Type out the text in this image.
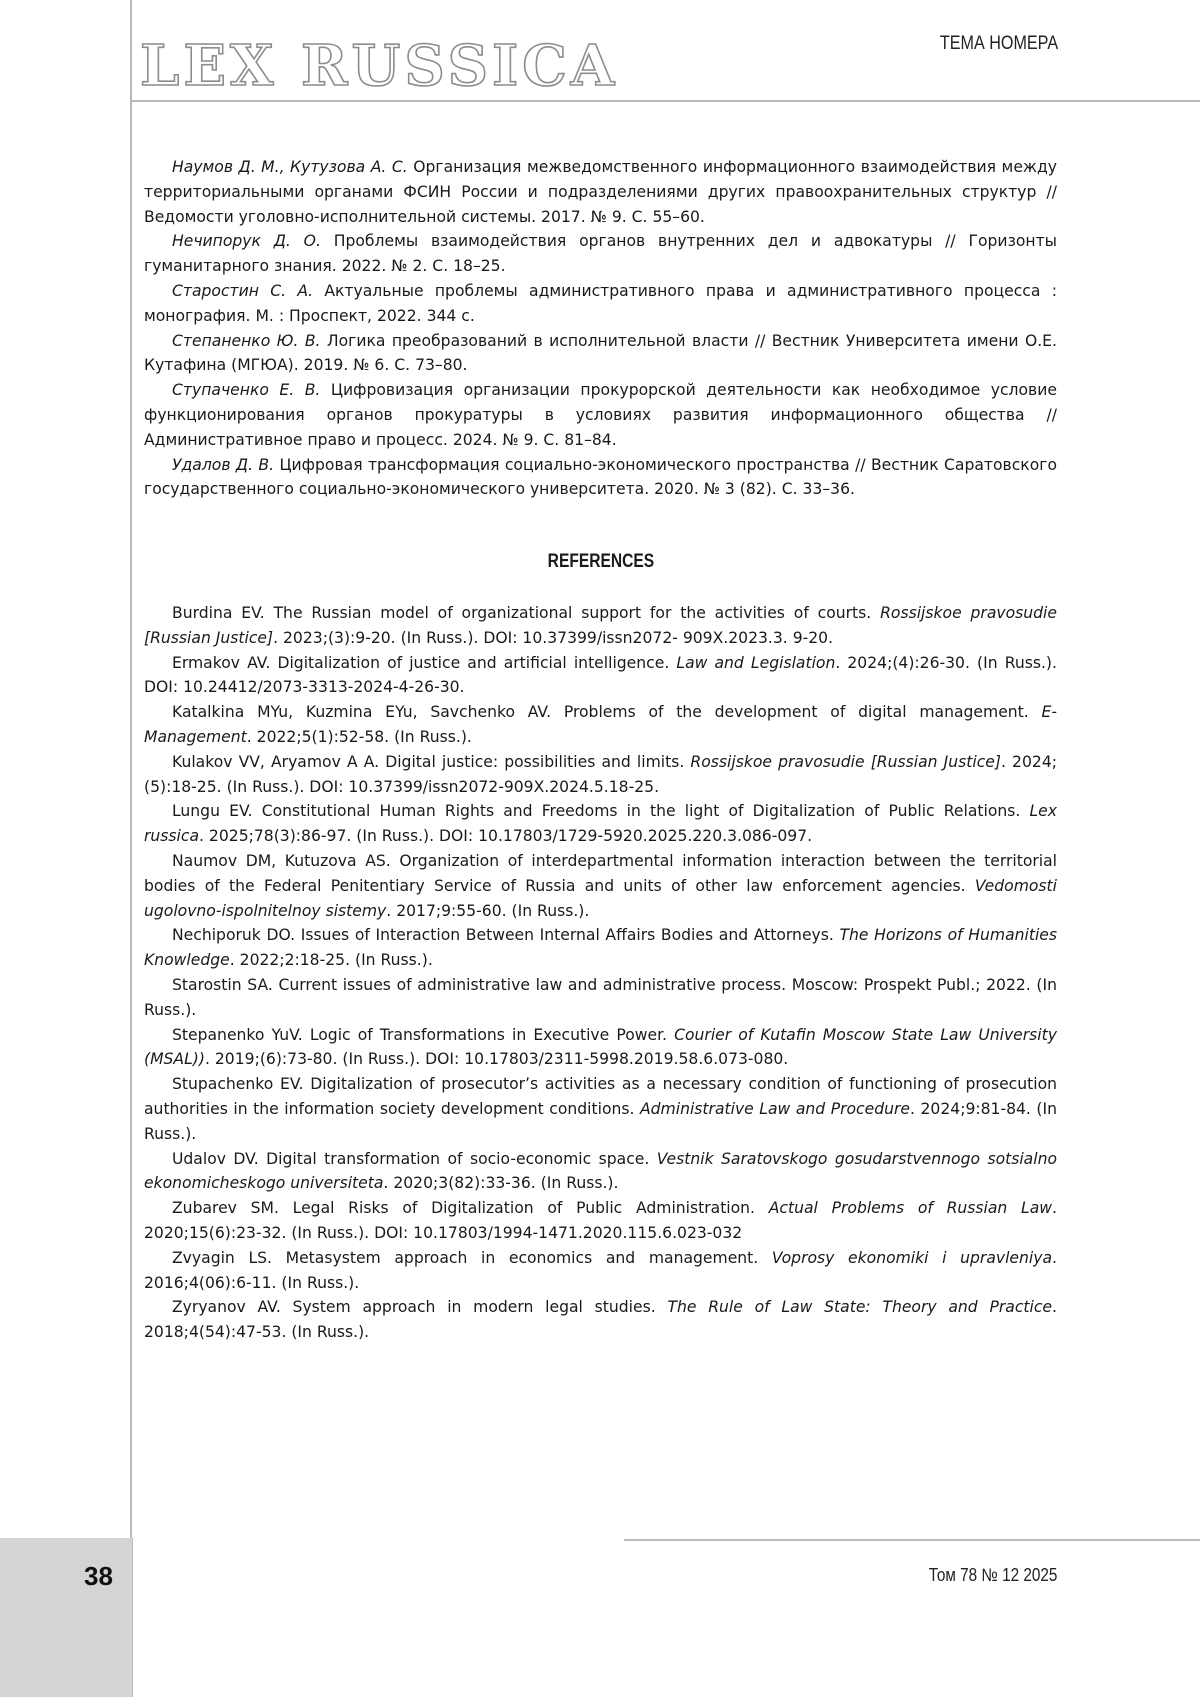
LEX RUSSICA	ТЕМА НОМЕРА

Наумов Д. М., Кутузова А. С. Организация межведомственного информационного взаимодействия между территориальными органами ФСИН России и подразделениями других правоохранительных структур // Ведомости уголовно-исполнительной системы. 2017. № 9. С. 55–60.

Нечипорук Д. О. Проблемы взаимодействия органов внутренних дел и адвокатуры // Горизонты гуманитарного знания. 2022. № 2. С. 18–25.

Старостин С. А. Актуальные проблемы административного права и административного процесса : монография. М. : Проспект, 2022. 344 с.

Степаненко Ю. В. Логика преобразований в исполнительной власти // Вестник Университета имени О.Е. Кутафина (МГЮА). 2019. № 6. С. 73–80.

Ступаченко Е. В. Цифровизация организации прокурорской деятельности как необходимое условие функционирования органов прокуратуры в условиях развития информационного общества // Административное право и процесс. 2024. № 9. С. 81–84.

Удалов Д. В. Цифровая трансформация социально-экономического пространства // Вестник Саратовского государственного социально-экономического университета. 2020. № 3 (82). С. 33–36.

REFERENCES

Burdina EV. The Russian model of organizational support for the activities of courts. Rossijskoe pravosudie [Russian Justice]. 2023;(3):9-20. (In Russ.). DOI: 10.37399/issn2072- 909X.2023.3. 9-20.

Ermakov AV. Digitalization of justice and artificial intelligence. Law and Legislation. 2024;(4):26-30. (In Russ.). DOI: 10.24412/2073-3313-2024-4-26-30.

Katalkina MYu, Kuzmina EYu, Savchenko AV. Problems of the development of digital management. E-Management. 2022;5(1):52-58. (In Russ.).

Kulakov VV, Aryamov A A. Digital justice: possibilities and limits. Rossijskoe pravosudie [Russian Justice]. 2024;(5):18-25. (In Russ.). DOI: 10.37399/issn2072-909X.2024.5.18-25.

Lungu EV. Constitutional Human Rights and Freedoms in the light of Digitalization of Public Relations. Lex russica. 2025;78(3):86-97. (In Russ.). DOI: 10.17803/1729-5920.2025.220.3.086-097.

Naumov DM, Kutuzova AS. Organization of interdepartmental information interaction between the territorial bodies of the Federal Penitentiary Service of Russia and units of other law enforcement agencies. Vedomosti ugolovno-ispolnitelnoy sistemy. 2017;9:55-60. (In Russ.).

Nechiporuk DO. Issues of Interaction Between Internal Affairs Bodies and Attorneys. The Horizons of Humanities Knowledge. 2022;2:18-25. (In Russ.).

Starostin SA. Current issues of administrative law and administrative process. Moscow: Prospekt Publ.; 2022. (In Russ.).

Stepanenko YuV. Logic of Transformations in Executive Power. Courier of Kutafin Moscow State Law University (MSAL)). 2019;(6):73-80. (In Russ.). DOI: 10.17803/2311-5998.2019.58.6.073-080.

Stupachenko EV. Digitalization of prosecutor’s activities as a necessary condition of functioning of prosecution authorities in the information society development conditions. Administrative Law and Procedure. 2024;9:81-84. (In Russ.).

Udalov DV. Digital transformation of socio-economic space. Vestnik Saratovskogo gosudarstvennogo sotsialno ekonomicheskogo universiteta. 2020;3(82):33-36. (In Russ.).

Zubarev SM. Legal Risks of Digitalization of Public Administration. Actual Problems of Russian Law. 2020;15(6):23-32. (In Russ.). DOI: 10.17803/1994-1471.2020.115.6.023-032

Zvyagin LS. Metasystem approach in economics and management. Voprosy ekonomiki i upravleniya. 2016;4(06):6-11. (In Russ.).

Zyryanov AV. System approach in modern legal studies. The Rule of Law State: Theory and Practice. 2018;4(54):47-53. (In Russ.).

38	Том 78 № 12 2025
